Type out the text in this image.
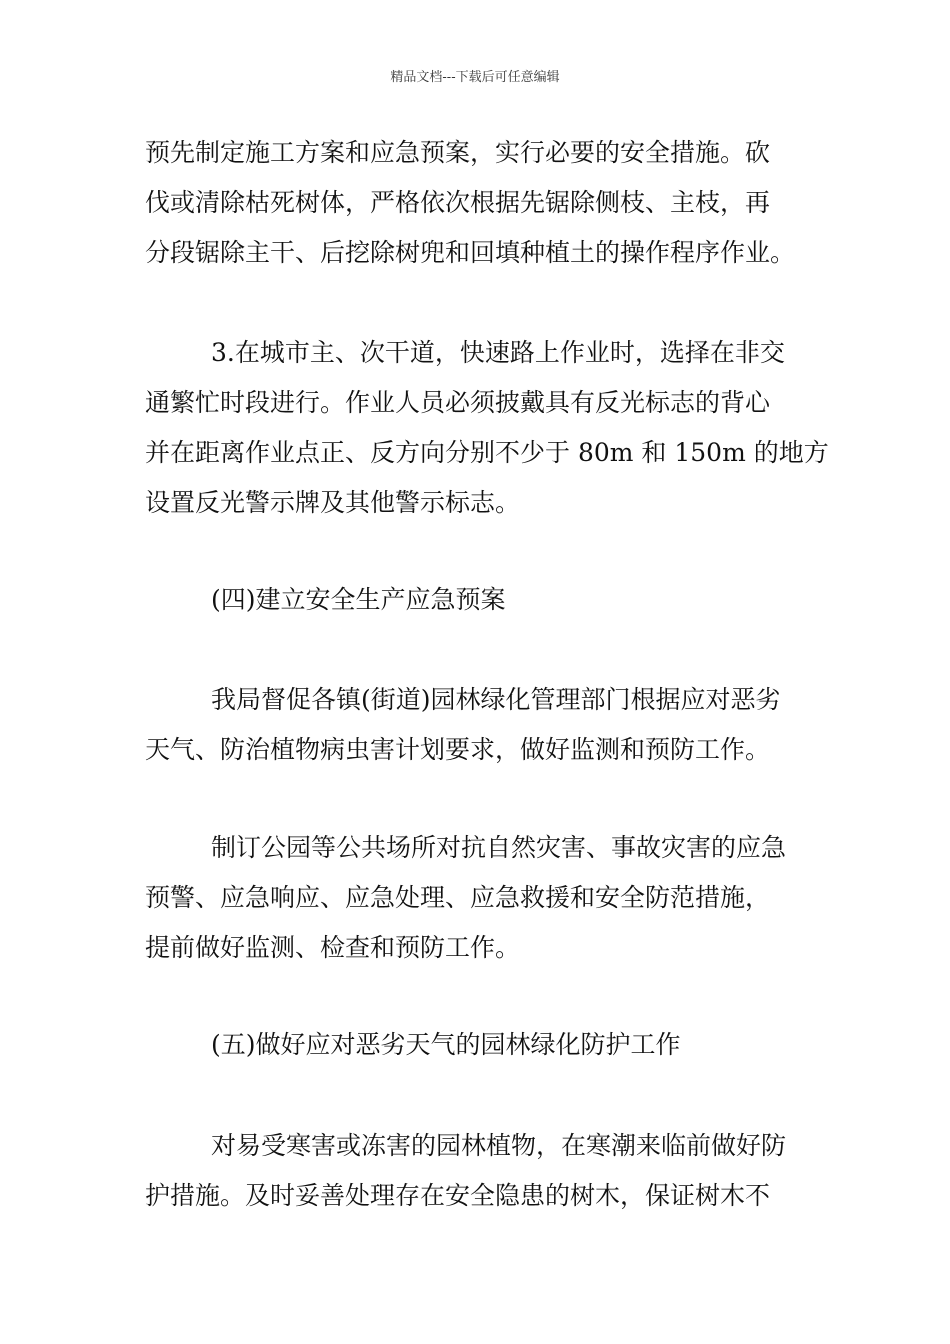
精品文档---下载后可任意编辑
预先制定施工方案和应急预案，实行必要的安全措施。砍
伐或清除枯死树体，严格依次根据先锯除侧枝、主枝，再
分段锯除主干、后挖除树兜和回填种植土的操作程序作业。
3.在城市主、次干道，快速路上作业时，选择在非交
通繁忙时段进行。作业人员必须披戴具有反光标志的背心
并在距离作业点正、反方向分别不少于 80m 和 150m 的地方
设置反光警示牌及其他警示标志。
(四)建立安全生产应急预案
我局督促各镇(街道)园林绿化管理部门根据应对恶劣
天气、防治植物病虫害计划要求，做好监测和预防工作。
制订公园等公共场所对抗自然灾害、事故灾害的应急
预警、应急响应、应急处理、应急救援和安全防范措施，
提前做好监测、检查和预防工作。
(五)做好应对恶劣天气的园林绿化防护工作
对易受寒害或冻害的园林植物，在寒潮来临前做好防
护措施。及时妥善处理存在安全隐患的树木，保证树木不
